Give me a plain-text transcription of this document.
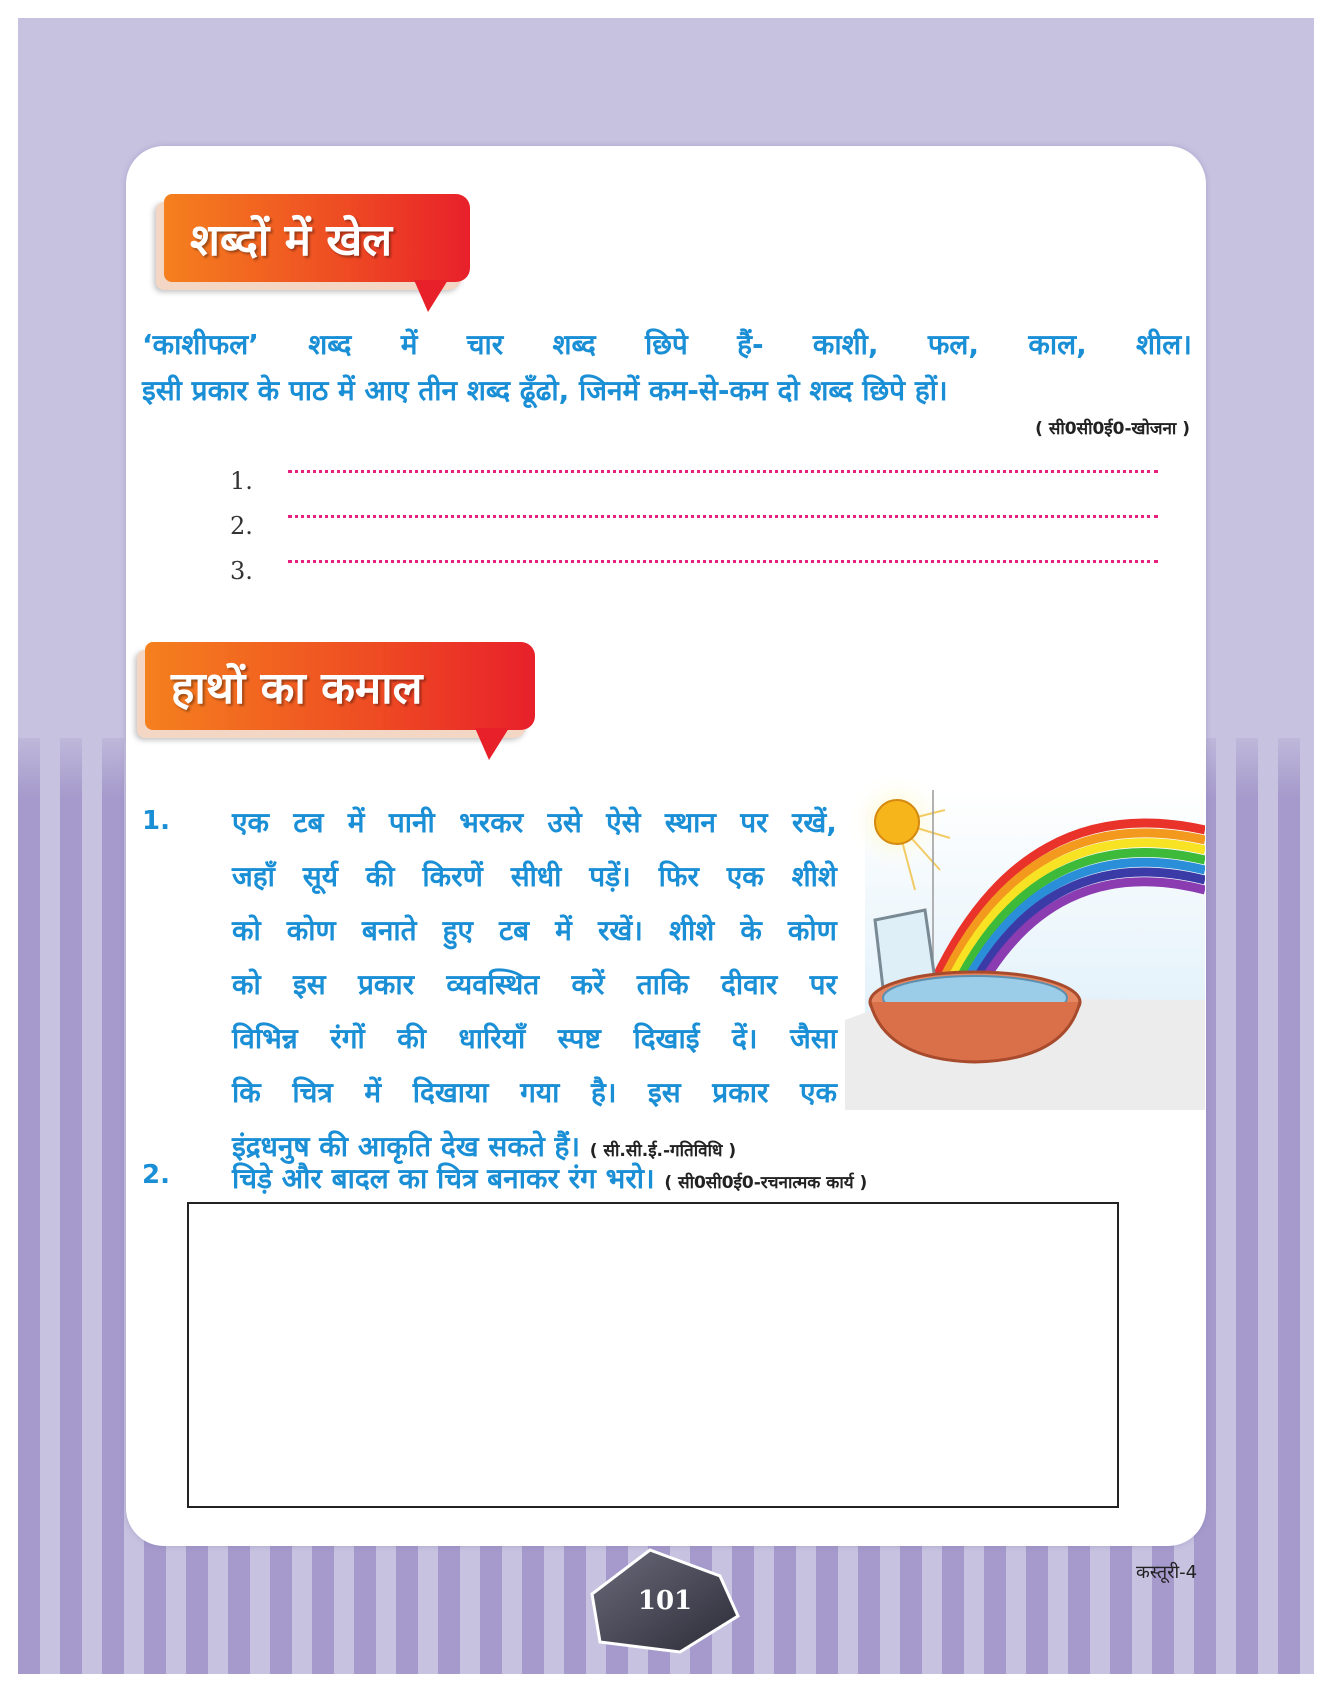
शब्दों में खेल
‘काशीफल’ शब्द में चार शब्द छिपे हैं- काशी, फल, काल, शील।
इसी प्रकार के पाठ में आए तीन शब्द ढूँढो, जिनमें कम-से-कम दो शब्द छिपे हों।
( सी0सी0ई0-खोजना )
1.
2.
3.
हाथों का कमाल
1. एक टब में पानी भरकर उसे ऐसे स्थान पर रखें,
जहाँ सूर्य की किरणें सीधी पड़ें। फिर एक शीशे
को कोण बनाते हुए टब में रखें। शीशे के कोण
को इस प्रकार व्यवस्थित करें ताकि दीवार पर
विभिन्न रंगों की धारियाँ स्पष्ट दिखाई दें। जैसा
कि चित्र में दिखाया गया है। इस प्रकार एक
इंद्रधनुष की आकृति देख सकते हैं। ( सी.सी.ई.-गतिविधि )
2. चिड़े और बादल का चित्र बनाकर रंग भरो। ( सी0सी0ई0-रचनात्मक कार्य )
कस्तूरी-4
101
